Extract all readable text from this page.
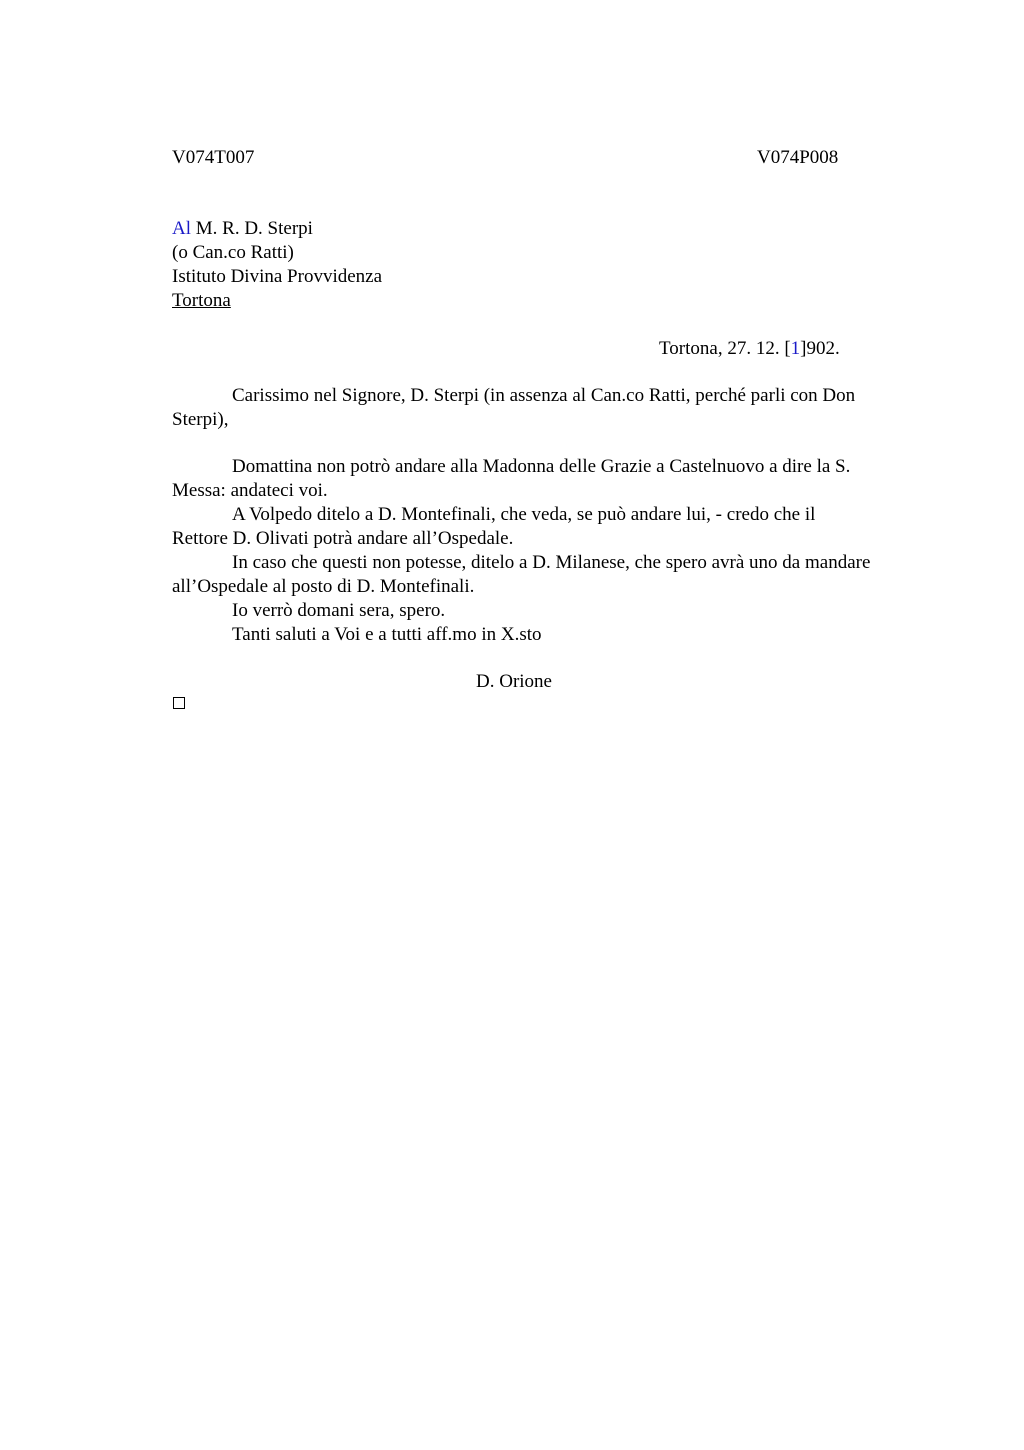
V074T007	V074P008
Al M. R. D. Sterpi
(o Can.co Ratti)
Istituto Divina Provvidenza
Tortona
Tortona, 27. 12. [1]902.
Carissimo nel Signore, D. Sterpi (in assenza al Can.co Ratti, perché parli con Don
Sterpi),
Domattina non potrò andare alla Madonna delle Grazie a Castelnuovo a dire la S.
Messa: andateci voi.
A Volpedo ditelo a D. Montefinali, che veda, se può andare lui, - credo che il
Rettore D. Olivati potrà andare all’Ospedale.
In caso che questi non potesse, ditelo a D. Milanese, che spero avrà uno da mandare
all’Ospedale al posto di D. Montefinali.
Io verrò domani sera, spero.
Tanti saluti a Voi e a tutti aff.mo in X.sto
D. Orione
